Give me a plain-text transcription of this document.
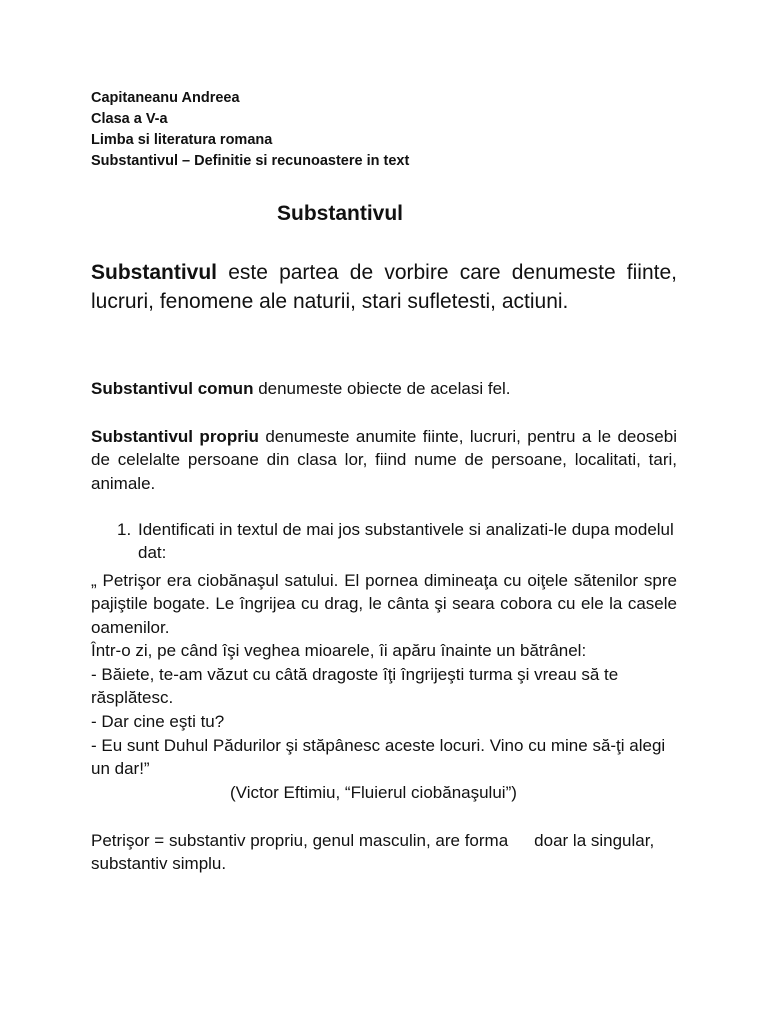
Capitaneanu Andreea
Clasa a V-a
Limba si literatura romana
Substantivul – Definitie si recunoastere in text
Substantivul
Substantivul este partea de vorbire care denumeste fiinte, lucruri, fenomene ale naturii, stari sufletesti, actiuni.
Substantivul comun denumeste obiecte de acelasi fel.
Substantivul propriu denumeste anumite fiinte, lucruri, pentru a le deosebi de celelalte persoane din clasa lor, fiind nume de persoane, localitati, tari, animale.
1. Identificati in textul de mai jos substantivele si analizati-le dupa modelul dat:
„ Petrişor era ciobănaşul satului. El pornea dimineaţa cu oiţele sătenilor spre pajiştile bogate. Le îngrijea cu drag, le cânta şi seara cobora cu ele la casele oamenilor.
Într-o zi, pe când îşi veghea mioarele, îi apăru înainte un bătrânel:
- Băiete, te-am văzut cu câtă dragoste îţi îngrijeşti turma şi vreau să te răsplătesc.
- Dar cine eşti tu?
- Eu sunt Duhul Pădurilor şi stăpânesc aceste locuri. Vino cu mine să-ţi alegi un dar!”
(Victor Eftimiu, “Fluierul ciobănaşului”)
Petrişor = substantiv propriu, genul masculin, are forma doar la singular, substantiv simplu.
